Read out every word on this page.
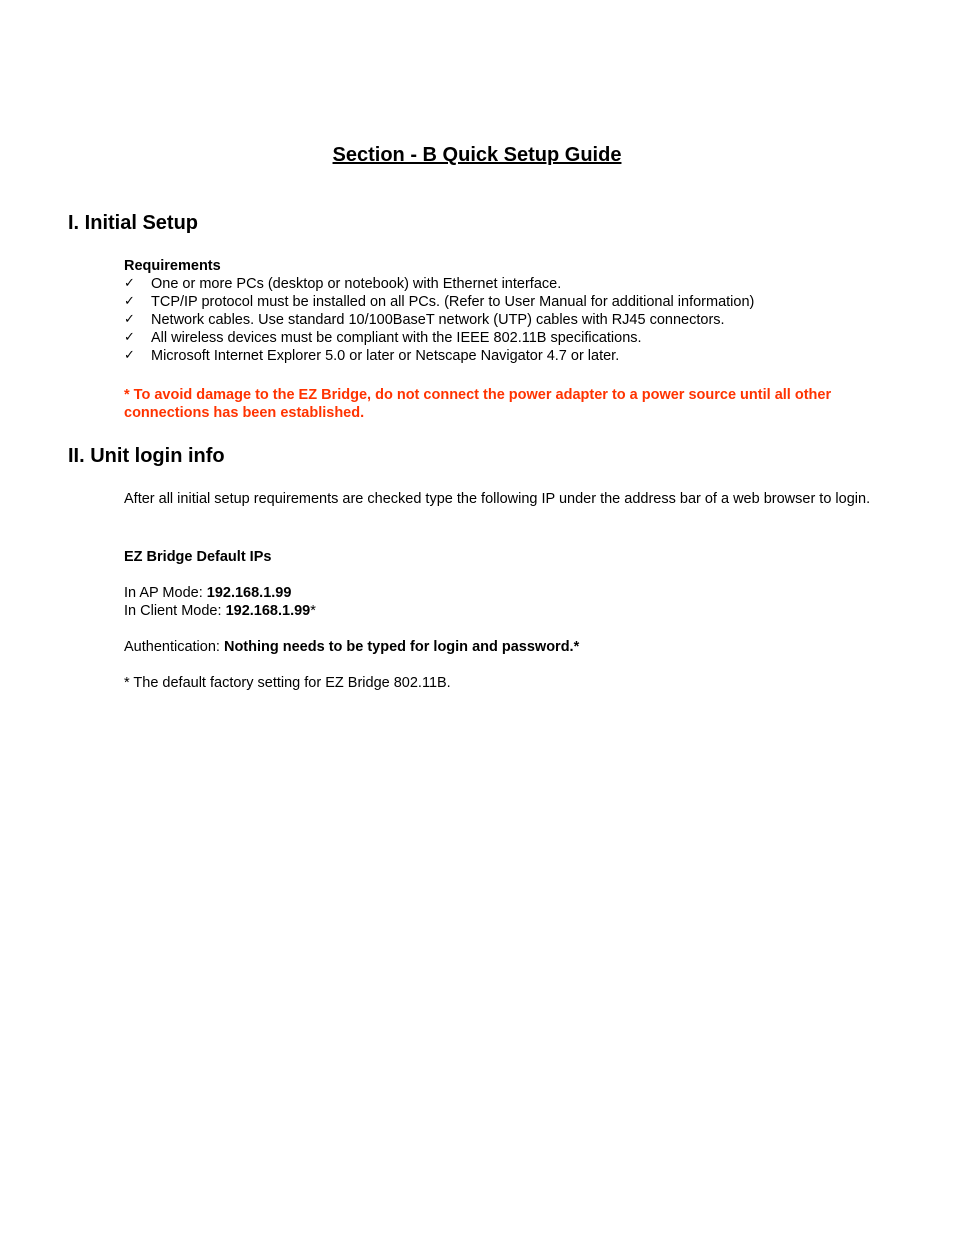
Section - B Quick Setup Guide
I. Initial Setup
Requirements
✓ One or more PCs (desktop or notebook) with Ethernet interface.
✓ TCP/IP protocol must be installed on all PCs. (Refer to User Manual for additional information)
✓ Network cables. Use standard 10/100BaseT network (UTP) cables with RJ45 connectors.
✓ All wireless devices must be compliant with the IEEE 802.11B specifications.
✓ Microsoft Internet Explorer 5.0 or later or Netscape Navigator 4.7 or later.
* To avoid damage to the EZ Bridge, do not connect the power adapter to a power source until all other connections has been established.
II. Unit login info
After all initial setup requirements are checked type the following IP under the address bar of a web browser to login.
EZ Bridge Default IPs
In AP Mode: 192.168.1.99
In Client Mode: 192.168.1.99*
Authentication: Nothing needs to be typed for login and password.*
* The default factory setting for EZ Bridge 802.11B.
